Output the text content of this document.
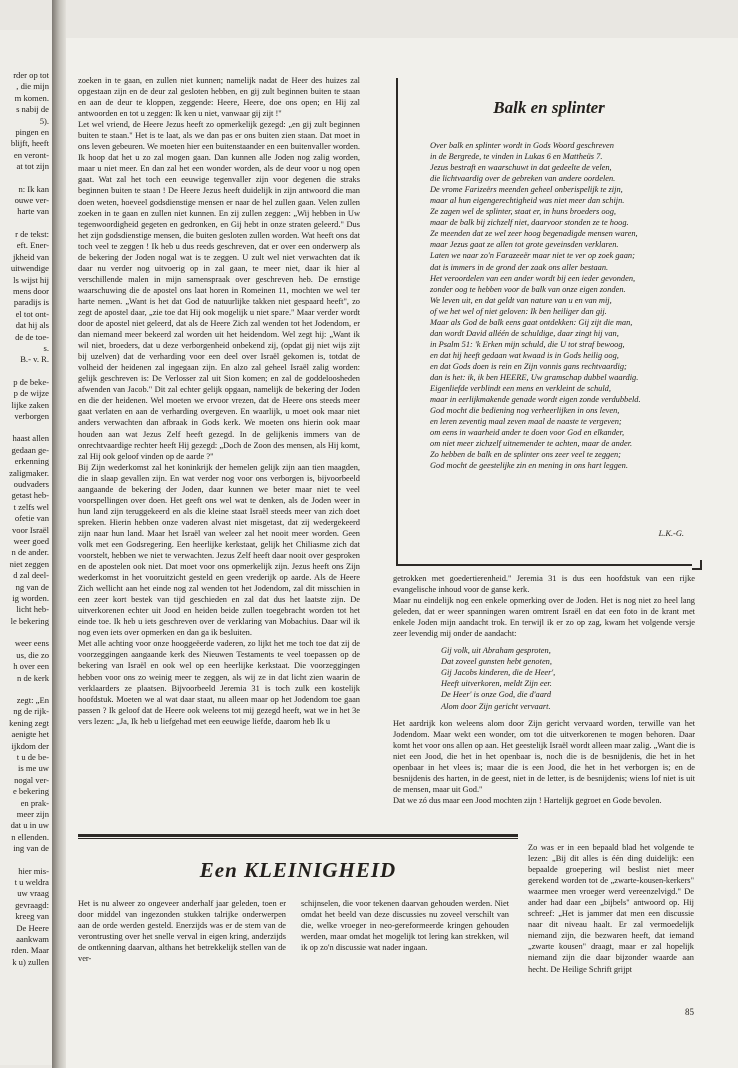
rder op tot
, die mijn
m komen.
s nabij de
5).
pingen en
blijft, heeft
en veront-
at tot zijn
n: Ik kan
ouwe ver-
harte van
r de tekst:
eft. Ener-
jkheid van
uitwendige
ls wijst hij
mens door
paradijs is
el tot ont-
dat hij als
de de toe-
s.
B.- v. R.
p de beke-
p de wijze
lijke zaken
verborgen
haast allen
gedaan ge-
erkenning
zaligmaker.
oudvaders
getast heb-
t zelfs wel
ofetie van
voor Israël
weer goed
n de ander.
niet zeggen
d zal deel-
ng van de
ig worden.
licht heb-
le bekering
weer eens
us, die zo
h over een
n de kerk
zegt: „En
ng de rijk-
kening zegt
aenigte het
ijkdom der
t u de be-
is me uw
nogal ver-
e bekering
en prak-
meer zijn
dat u in uw
n ellenden.
ing van de
hier mis-
t u weldra
uw vraag
gevraagd:
kreeg van
De Heere
aankwam
rden. Maar
k u) zullen

zoeken in te gaan, en zullen niet kunnen; namelijk nadat de Heer des huizes zal opgestaan zijn en de deur zal gesloten hebben, en gij zult beginnen buiten te staan en aan de deur te kloppen, zeggende: Heere, Heere, doe ons open; en Hij zal antwoorden en tot u zeggen: Ik ken u niet, vanwaar gij zijt !"

Let wel vriend, de Heere Jezus heeft zo opmerkelijk gezegd: „en gij zult beginnen buiten te staan." Het is te laat, als we dan pas er ons buiten zien staan. Dat moet in ons leven gebeuren. We moeten hier een buitenstaander en een buitenvaller worden. Ik hoop dat het u zo zal mogen gaan. Dan kunnen alle Joden nog zalig worden, maar u niet meer. En dan zal het een wonder worden, als de deur voor u nog open gaat. Wat zal het toch een eeuwige tegenvaller zijn voor degenen die straks beginnen buiten te staan ! De Heere Jezus heeft duidelijk in zijn antwoord die man doen weten, hoeveel godsdienstige mensen er naar de hel zullen gaan. Velen zullen zoeken in te gaan en zullen niet kunnen. En zij zullen zeggen: „Wij hebben in Uw tegenwoordigheid gegeten en gedronken, en Gij hebt in onze straten geleerd." Dus het zijn godsdienstige mensen, die buiten gesloten zullen worden. Wat heeft ons dat toch veel te zeggen ! Ik heb u dus reeds geschreven, dat er over een onderwerp als de bekering der Joden nogal wat is te zeggen. U zult wel niet verwachten dat ik daar nu verder nog uitvoerig op in zal gaan, te meer niet, daar ik hier al verschillende malen in mijn samenspraak over geschreven heb. De ernstige waarschuwing die de apostel ons laat horen in Romeinen 11, mochten we wel ter harte nemen. „Want is het dat God de natuurlijke takken niet gespaard heeft", zo zegt de apostel daar, „zie toe dat Hij ook mogelijk u niet spare." Maar verder wordt door de apostel niet geleerd, dat als de Heere Zich zal wenden tot het Jodendom, er dan niemand meer bekeerd zal worden uit het heidendom. Wel zegt hij: „Want ik wil niet, broeders, dat u deze verborgenheid onbekend zij, (opdat gij niet wijs zijt bij uzelven) dat de verharding voor een deel over Israël gekomen is, totdat de volheid der heidenen zal ingegaan zijn. En alzo zal geheel Israël zalig worden: gelijk geschreven is: De Verlosser zal uit Sion komen; en zal de goddeloosheden afwenden van Jacob." Dit zal echter gelijk opgaan, namelijk de bekering der Joden en die der heidenen. Wel moeten we ervoor vrezen, dat de Heere ons steeds meer gaat verlaten en aan de verharding overgeven. En waarlijk, u moet ook maar niet anders verwachten dan afbraak in Gods kerk. We moeten ons hierin ook maar houden aan wat Jezus Zelf heeft gezegd. In de gelijkenis immers van de onrechtvaardige rechter heeft Hij gezegd: „Doch de Zoon des mensen, als Hij komt, zal Hij ook geloof vinden op de aarde ?"

Bij Zijn wederkomst zal het koninkrijk der hemelen gelijk zijn aan tien maagden, die in slaap gevallen zijn. En wat verder nog voor ons verborgen is, bijvoorbeeld aangaande de bekering der Joden, daar kunnen we beter maar niet te veel voorspellingen over doen. Het geeft ons wel wat te denken, als de Joden weer in hun land zijn teruggekeerd en als die kleine staat Israël steeds meer van zich doet spreken. Hierin hebben onze vaderen alvast niet misgetast, dat zij wedergekeerd zijn naar hun land. Maar het Israël van weleer zal het nooit meer worden. Geen volk met een Godsregering. Een heerlijke kerkstaat, gelijk het Chiliasme zich dat voorstelt, hebben we niet te verwachten. Jezus Zelf heeft daar nooit over gesproken en de apostelen ook niet. Dat moet voor ons opmerkelijk zijn. Jezus heeft ons Zijn wederkomst in het vooruitzicht gesteld en geen vrederijk op aarde. Als de Heere Zich wellicht aan het einde nog zal wenden tot het Jodendom, zal dit misschien in een zeer kort bestek van tijd geschieden en zal dat dus het laatste zijn. De uitverkorenen echter uit Jood en heiden beide zullen toegebracht worden tot het einde toe. Ik heb u iets geschreven over de verklaring van Mobachius. Daar wil ik nog even iets over opmerken en dan ga ik besluiten.

Met alle achting voor onze hooggeëerde vaderen, zo lijkt het me toch toe dat zij de voorzeggingen aangaande kerk des Nieuwen Testaments te veel toepassen op de bekering van Israël en ook wel op een heerlijke kerkstaat. Die voorzeggingen hebben voor ons zo weinig meer te zeggen, als wij ze in dat licht zien waarin de verklaarders ze plaatsen. Bijvoorbeeld Jeremia 31 is toch zulk een kostelijk hoofdstuk. Moeten we al wat daar staat, nu alleen maar op het Jodendom toe gaan passen ? Ik geloof dat de Heere ook weleens tot mij gezegd heeft, wat we in het 3e vers lezen: „Ja, Ik heb u liefgehad met een eeuwige liefde, daarom heb Ik u

Balk en splinter
Over balk en splinter wordt in Gods Woord geschreven
in de Bergrede, te vinden in Lukas 6 en Mattheüs 7.
Jezus bestraft en waarschuwt in dat gedeelte de velen,
die lichtvaardig over de gebreken van andere oordelen.
De vrome Farizeërs meenden geheel onberispelijk te zijn,
maar al hun eigengerechtigheid was niet meer dan schijn.
Ze zagen wel de splinter, staat er, in huns broeders oog,
maar de balk bij zichzelf niet, daarvoor stonden ze te hoog.
Ze meenden dat ze wel zeer hoog begenadigde mensen waren,
maar Jezus gaat ze allen tot grote geveinsden verklaren.
Laten we naar zo'n Farazeeër maar niet te ver op zoek gaan;
dat is immers in de grond der zaak ons aller bestaan.
Het veroordelen van een ander wordt bij een ieder gevonden,
zonder oog te hebben voor de balk van onze eigen zonden.
We leven uit, en dat geldt van nature van u en van mij,
of we het wel of niet geloven: Ik ben heiliger dan gij.
Maar als God de balk eens gaat ontdekken: Gij zijt die man,
dan wordt David alléén de schuldige, daar zingt hij van,
in Psalm 51: 'k Erken mijn schuld, die U tot straf bewoog,
en dat hij heeft gedaan wat kwaad is in Gods heilig oog,
en dat Gods doen is rein en Zijn vonnis gans rechtvaardig;
dan is het: ik, ik ben HEERE, Uw gramschap dubbel waardig.
Eigenliefde verblindt een mens en verkleint de schuld,
maar in eerlijkmakende genade wordt eigen zonde verdubbeld.
God mocht die bediening nog verheerlijken in ons leven,
en leren zeventig maal zeven maal de naaste te vergeven;
om eens in waarheid ander te doen voor God en elkander,
om niet meer zichzelf uitnemender te achten, maar de ander.
Zo hebben de balk en de splinter ons zeer veel te zeggen;
God mocht de geestelijke zin en mening in ons hart leggen.
L.K.-G.

getrokken met goedertierenheid." Jeremia 31 is dus een hoofdstuk van een rijke evangelische inhoud voor de ganse kerk.

Maar nu eindelijk nog een enkele opmerking over de Joden. Het is nog niet zo heel lang geleden, dat er weer spanningen waren omtrent Israël en dat een foto in de krant met enkele Joden mijn aandacht trok. En terwijl ik er zo op zag, kwam het volgende versje zeer levendig mij onder de aandacht:

Gij volk, uit Abraham gesproten,
Dat zoveel gunsten hebt genoten,
Gij Jacobs kinderen, die de Heer',
Heeft uitverkoren, meldt Zijn eer.
De Heer' is onze God, die d'aard
Alom door Zijn gericht vervaart.

Het aardrijk kon weleens alom door Zijn gericht vervaard worden, terwille van het Jodendom. Maar wekt een wonder, om tot die uitverkorenen te mogen behoren. Daar komt het voor ons allen op aan. Het geestelijk Israël wordt alleen maar zalig. „Want die is niet een Jood, die het in het openbaar is, noch die is de besnijdenis, die het in het openbaar in het vlees is; maar die is een Jood, die het in het verborgen is; en de besnijdenis des harten, in de geest, niet in de letter, is de besnijdenis; wiens lof niet is uit de mensen, maar uit God."

Dat we zó dus maar een Jood mochten zijn ! Hartelijk gegroet en Gode bevolen.

Een KLEINIGHEID

Het is nu alweer zo ongeveer anderhalf jaar geleden, toen er door middel van ingezonden stukken talrijke onderwerpen aan de orde werden gesteld. Enerzijds was er de stem van de verontrusting over het snelle verval in eigen kring, anderzijds de ontkenning daarvan, althans het betrekkelijk stellen van de ver-

schijnselen, die voor tekenen daarvan gehouden werden. Niet omdat het beeld van deze discussies nu zoveel verschilt van die, welke vroeger in neo-gereformeerde kringen gehouden werden, maar omdat het mogelijk tot lering kan strekken, wil ik op zo'n discussie wat nader ingaan.

Zo was er in een bepaald blad het volgende te lezen: „Bij dit alles is één ding duidelijk: een bepaalde groepering wil beslist niet meer gerekend worden tot de „zwarte-kousen-kerkers" waarmee men vroeger werd vereenzelvigd." De ander had daar een „bijbels" antwoord op. Hij schreef: „Het is jammer dat men een discussie naar dit niveau haalt. Er zal vermoedelijk niemand zijn, die bezwaren heeft, dat iemand „zwarte kousen" draagt, maar er zal hopelijk niemand zijn die daar bijzonder waarde aan hecht. De Heilige Schrift grijpt

85
